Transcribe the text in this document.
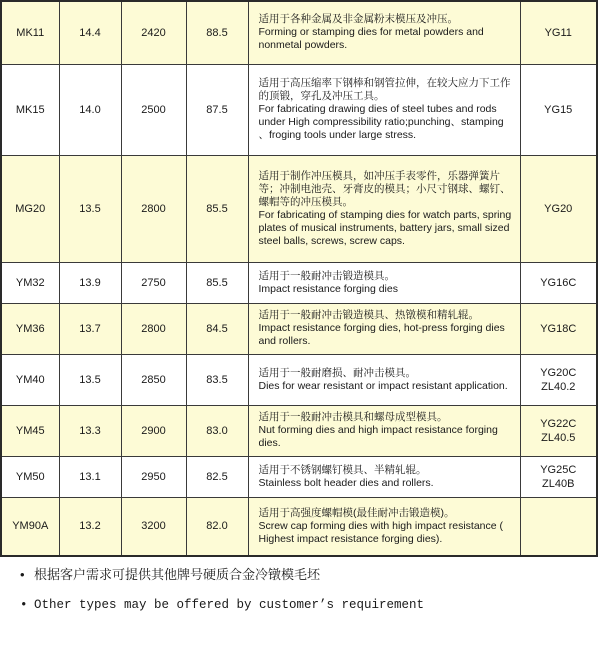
MK11	14.4	2420	88.5	适用于各种金属及非金属粉末模压及冲压。
Forming or stamping dies for metal powders and nonmetal powders.	YG11

MK15	14.0	2500	87.5	适用于高压缩率下钢棒和钢管拉伸，在较大应力下工作的顶锻，穿孔及冲压工具。
For fabricating drawing dies of steel tubes and rods under High compressibility ratio;punching、stamping 、froging tools under large stress.	YG15

MG20	13.5	2800	85.5	适用于制作冲压模具，如冲压手表零件，乐器弹簧片等；冲制电池壳、牙膏皮的模具；小尺寸钢球、螺钉、螺帽等的冲压模具。
For fabricating of stamping dies for watch parts, spring plates of musical instruments, battery jars, small sized steel balls, screws, screw caps.	YG20

YM32	13.9	2750	85.5	适用于一般耐冲击锻造模具。
Impact resistance forging dies	YG16C

YM36	13.7	2800	84.5	适用于一般耐冲击锻造模具、热镦模和精轧辊。
Impact resistance forging dies, hot-press forging dies and rollers.	YG18C

YM40	13.5	2850	83.5	适用于一般耐磨损、耐冲击模具。
Dies for wear resistant or impact resistant application.	YG20C
ZL40.2

YM45	13.3	2900	83.0	适用于一般耐冲击模具和螺母成型模具。
Nut forming dies and high impact resistance forging dies.	YG22C
ZL40.5

YM50	13.1	2950	82.5	适用于不锈钢螺钉模具、半精轧辊。
Stainless bolt header dies and rollers.	YG25C
ZL40B

YM90A	13.2	3200	82.0	适用于高强度螺帽模(最佳耐冲击锻造模)。
Screw cap forming dies with high impact resistance ( Highest impact resistance forging dies).	

• 根据客户需求可提供其他牌号硬质合金冷镦模毛坯
• Other types may be offered by customer’s requirement
